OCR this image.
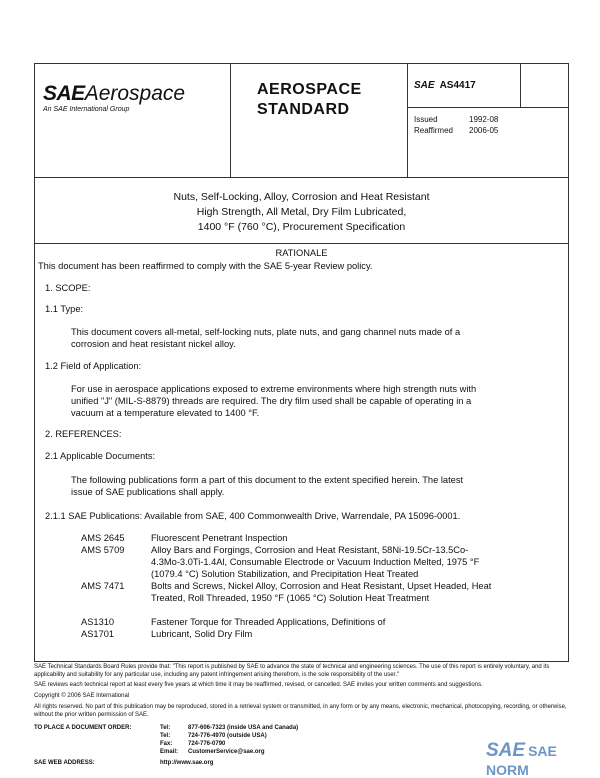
SAEAerospace
An SAE International Group
AEROSPACE
STANDARD
SAE AS4417
Issued	1992-08
Reaffirmed 2006-05
Nuts, Self-Locking, Alloy, Corrosion and Heat Resistant
High Strength, All Metal, Dry Film Lubricated,
1400 °F (760 °C), Procurement Specification
RATIONALE
This document has been reaffirmed to comply with the SAE 5-year Review policy.
1. SCOPE:
1.1 Type:
This document covers all-metal, self-locking nuts, plate nuts, and gang channel nuts made of a
corrosion and heat resistant nickel alloy.
1.2 Field of Application:
For use in aerospace applications exposed to extreme environments where high strength nuts with
unified "J" (MIL-S-8879) threads are required. The dry film used shall be capable of operating in a
vacuum at a temperature elevated to 1400 °F.
2. REFERENCES:
2.1 Applicable Documents:
The following publications form a part of this document to the extent specified herein. The latest
issue of SAE publications shall apply.
2.1.1 SAE Publications: Available from SAE, 400 Commonwealth Drive, Warrendale, PA 15096-0001.
AMS 2645	Fluorescent Penetrant Inspection
AMS 5709	Alloy Bars and Forgings, Corrosion and Heat Resistant, 58Ni-19.5Cr-13.5Co-
4.3Mo-3.0Ti-1.4Al, Consumable Electrode or Vacuum Induction Melted, 1975 °F
(1079.4 °C) Solution Stabilization, and Precipitation Heat Treated
AMS 7471	Bolts and Screws, Nickel Alloy, Corrosion and Heat Resistant, Upset Headed, Heat
Treated, Roll Threaded, 1950 °F (1065 °C) Solution Heat Treatment
AS1310	Fastener Torque for Threaded Applications, Definitions of
AS1701	Lubricant, Solid Dry Film
SAE Technical Standards Board Rules provide that: "This report is published by SAE to advance the state of technical and engineering sciences. The use of this report is entirely voluntary, and its applicability and suitability for any particular use, including any patent infringement arising therefrom, is the sole responsibility of the user."
SAE reviews each technical report at least every five years at which time it may be reaffirmed, revised, or cancelled. SAE invites your written comments and suggestions.
Copyright © 2006 SAE International
All rights reserved. No part of this publication may be reproduced, stored in a retrieval system or transmitted, in any form or by any means, electronic, mechanical, photocopying, recording, or otherwise, without the prior written permission of SAE.
TO PLACE A DOCUMENT ORDER:	Tel:	877-606-7323 (inside USA and Canada)
Tel:	724-776-4970 (outside USA)
Fax:	724-776-0790
Email: CustomerService@sae.org
SAE WEB ADDRESS:	http://www.sae.org
SAE SAE NORM
